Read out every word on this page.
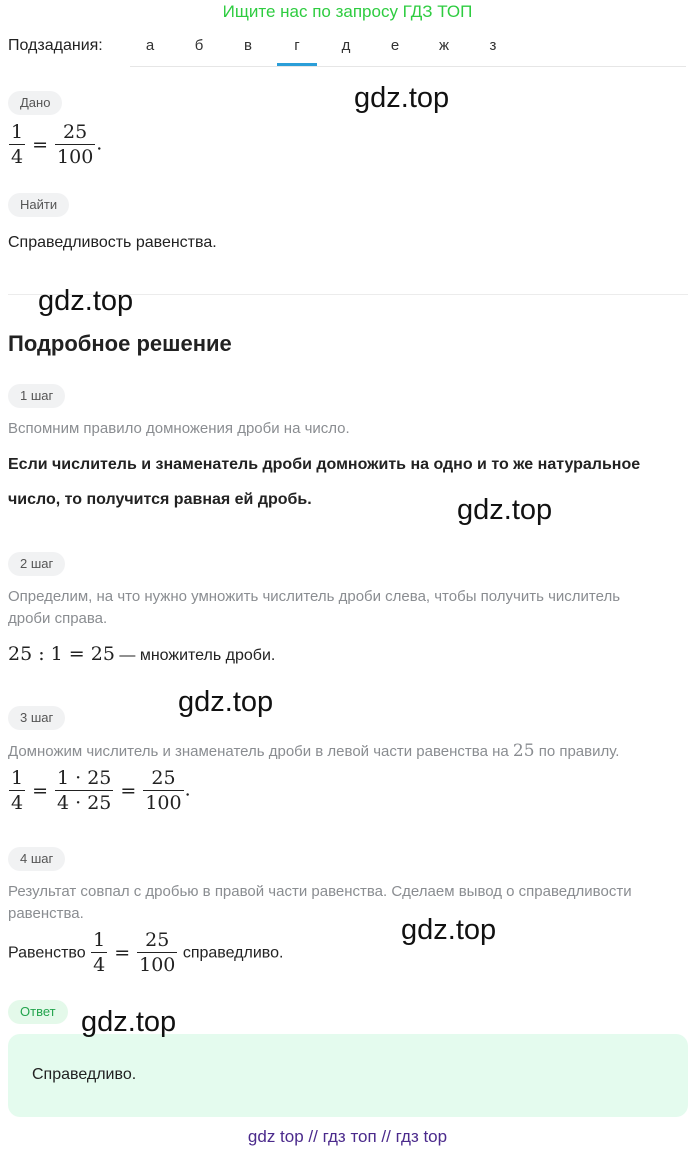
Ищите нас по запросу ГДЗ ТОП
Подзадания:	а	б	в	г	д	е	ж	з
Дано
$\frac{1}{4} = \frac{25}{100}$ .
Найти
Справедливость равенства.
Подробное решение
1 шаг
Вспомним правило домножения дроби на число.
Если числитель и знаменатель дроби домножить на одно и то же натуральное
число, то получится равная ей дробь.
2 шаг
Определим, на что нужно умножить числитель дроби слева, чтобы получить числитель
дроби справа.
25 : 1 = 25 — множитель дроби.
3 шаг
Домножим числитель и знаменатель дроби в левой части равенства на 25 по правилу.
$\frac{1}{4} = \frac{1 \cdot 25}{4 \cdot 25} = \frac{25}{100}$ .
4 шаг
Результат совпал с дробью в правой части равенства. Сделаем вывод о справедливости
равенства.
Равенство $\frac{1}{4} = \frac{25}{100}$ справедливо.
Ответ
Справедливо.
gdz.top
gdz.top
gdz.top
gdz.top
gdz.top
gdz.top
gdz top // гдз топ // гдз top
